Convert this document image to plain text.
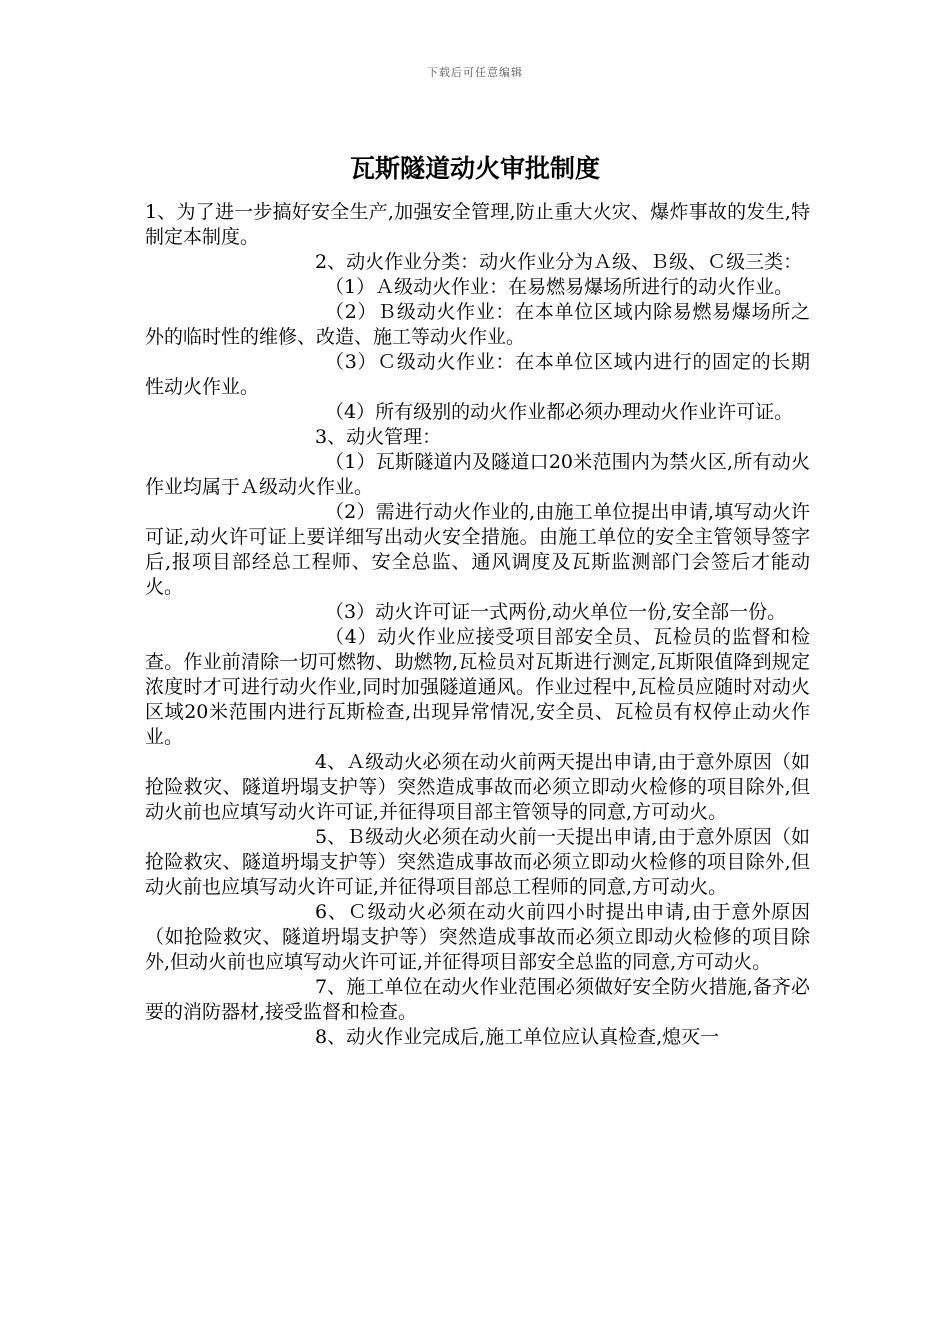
下载后可任意编辑
瓦斯隧道动火审批制度

1、为了进一步搞好安全生产,加强安全管理,防止重大火灾、爆炸事故的发生,特制定本制度。

2、动火作业分类：动火作业分为Ａ级、Ｂ级、Ｃ级三类：

（1）Ａ级动火作业：在易燃易爆场所进行的动火作业。

（2）Ｂ级动火作业：在本单位区域内除易燃易爆场所之外的临时性的维修、改造、施工等动火作业。

（3）Ｃ级动火作业：在本单位区域内进行的固定的长期性动火作业。

（4）所有级别的动火作业都必须办理动火作业许可证。

3、动火管理：

（1）瓦斯隧道内及隧道口20米范围内为禁火区,所有动火作业均属于Ａ级动火作业。

（2）需进行动火作业的,由施工单位提出申请,填写动火许可证,动火许可证上要详细写出动火安全措施。由施工单位的安全主管领导签字后,报项目部经总工程师、安全总监、通风调度及瓦斯监测部门会签后才能动火。

（3）动火许可证一式两份,动火单位一份,安全部一份。

（4）动火作业应接受项目部安全员、瓦检员的监督和检查。作业前清除一切可燃物、助燃物,瓦检员对瓦斯进行测定,瓦斯限值降到规定浓度时才可进行动火作业,同时加强隧道通风。作业过程中,瓦检员应随时对动火区域20米范围内进行瓦斯检查,出现异常情况,安全员、瓦检员有权停止动火作业。

4、Ａ级动火必须在动火前两天提出申请,由于意外原因（如抢险救灾、隧道坍塌支护等）突然造成事故而必须立即动火检修的项目除外,但动火前也应填写动火许可证,并征得项目部主管领导的同意,方可动火。

5、Ｂ级动火必须在动火前一天提出申请,由于意外原因（如抢险救灾、隧道坍塌支护等）突然造成事故而必须立即动火检修的项目除外,但动火前也应填写动火许可证,并征得项目部总工程师的同意,方可动火。

6、Ｃ级动火必须在动火前四小时提出申请,由于意外原因（如抢险救灾、隧道坍塌支护等）突然造成事故而必须立即动火检修的项目除外,但动火前也应填写动火许可证,并征得项目部安全总监的同意,方可动火。

7、施工单位在动火作业范围必须做好安全防火措施,备齐必要的消防器材,接受监督和检查。

8、动火作业完成后,施工单位应认真检查,熄灭一
